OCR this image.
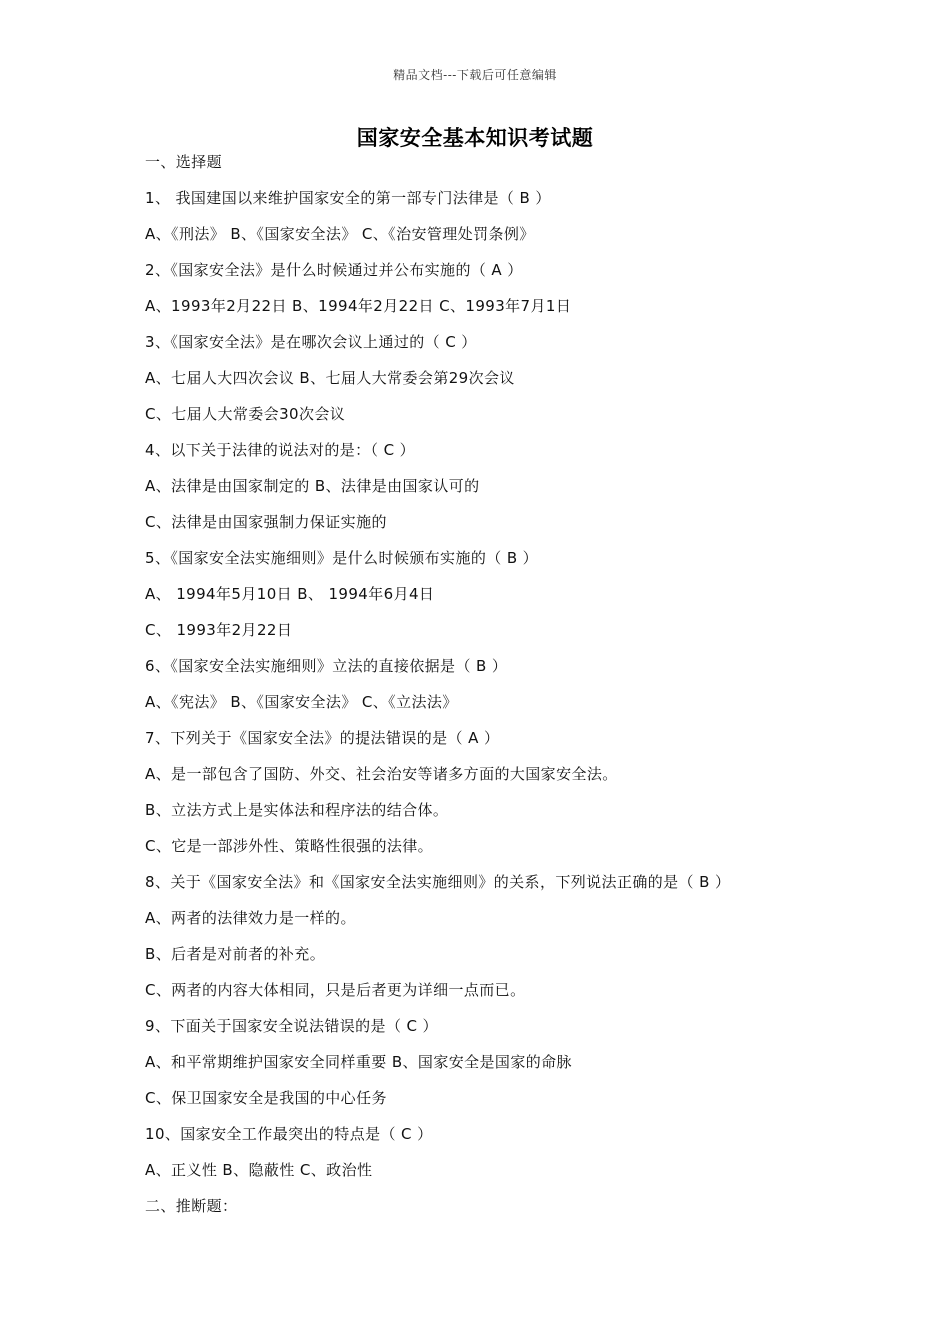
精品文档---下载后可任意编辑
国家安全基本知识考试题
一、选择题
1、 我国建国以来维护国家安全的第一部专门法律是（ B ）
A、《刑法》 B、《国家安全法》 C、《治安管理处罚条例》
2、《国家安全法》是什么时候通过并公布实施的（ A ）
A、1993年2月22日 B、1994年2月22日 C、1993年7月1日
3、《国家安全法》是在哪次会议上通过的（ C ）
A、七届人大四次会议 B、七届人大常委会第29次会议
C、七届人大常委会30次会议
4、以下关于法律的说法对的是：（ C ）
A、法律是由国家制定的 B、法律是由国家认可的
C、法律是由国家强制力保证实施的
5、《国家安全法实施细则》是什么时候颁布实施的（ B ）
A、 1994年5月10日 B、 1994年6月4日
C、 1993年2月22日
6、《国家安全法实施细则》立法的直接依据是（ B ）
A、《宪法》 B、《国家安全法》 C、《立法法》
7、下列关于《国家安全法》的提法错误的是（ A ）
A、是一部包含了国防、外交、社会治安等诸多方面的大国家安全法。
B、立法方式上是实体法和程序法的结合体。
C、它是一部涉外性、策略性很强的法律。
8、关于《国家安全法》和《国家安全法实施细则》的关系，下列说法正确的是（ B ）
A、两者的法律效力是一样的。
B、后者是对前者的补充。
C、两者的内容大体相同，只是后者更为详细一点而已。
9、下面关于国家安全说法错误的是（ C ）
A、和平常期维护国家安全同样重要 B、国家安全是国家的命脉
C、保卫国家安全是我国的中心任务
10、国家安全工作最突出的特点是（ C ）
A、正义性 B、隐蔽性 C、政治性
二、推断题：
